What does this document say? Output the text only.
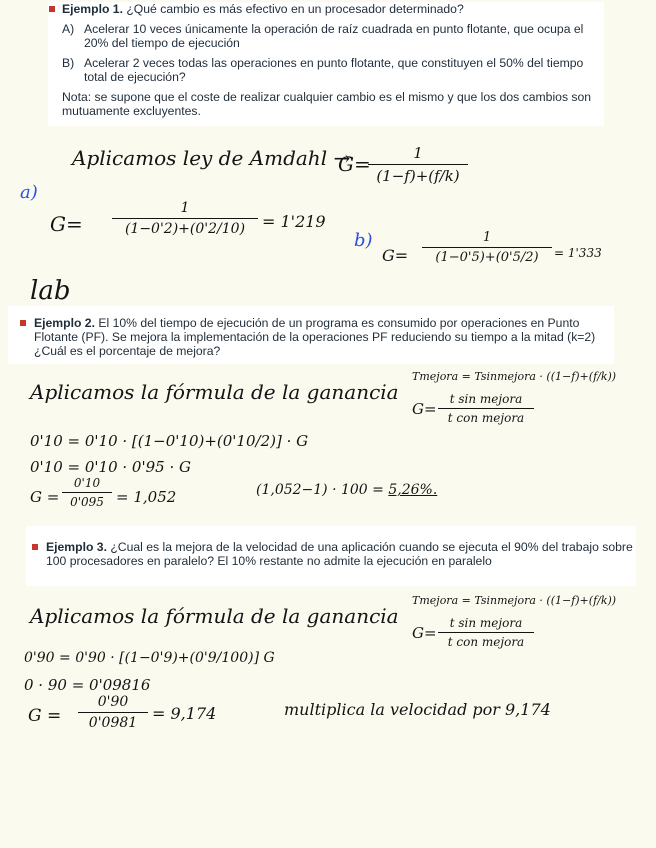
Ejemplo 1. ¿Qué cambio es más efectivo en un procesador determinado?
A) Acelerar 10 veces únicamente la operación de raíz cuadrada en punto flotante, que ocupa el 20% del tiempo de ejecución
B) Acelerar 2 veces todas las operaciones en punto flotante, que constituyen el 50% del tiempo total de ejecución?
Nota: se supone que el coste de realizar cualquier cambio es el mismo y que los dos cambios son mutuamente excluyentes.
Aplicamos ley de Amdahl →
G=
$\frac{1}{(1-f)+(f/k)}$
a)
$G= \frac{1}{(1-0'2)+(0'2/10)} = 1'219$
b)
$G= \frac{1}{(1-0'5)+(0'5/2)} = 1'333$
lab
Ejemplo 2. El 10% del tiempo de ejecución de un programa es consumido por operaciones en Punto Flotante (PF). Se mejora la implementación de la operaciones PF reduciendo su tiempo a la mitad (k=2) ¿Cuál es el porcentaje de mejora?
Aplicamos la fórmula de la ganancia
Tmejora = Tsinmejora · ((1−f)+(f/k))
G=
t sin mejora
t con mejora
0'10 = 0'10 · [(1−0'10)+(0'10/2)] · G
0'10 = 0'10 · 0'95 · G
$G = \frac{0'10}{0'095} = 1,052$	(1,052−1) · 100 = 5,26%.
Ejemplo 3. ¿Cual es la mejora de la velocidad de una aplicación cuando se ejecuta el 90% del trabajo sobre 100 procesadores en paralelo? El 10% restante no admite la ejecución en paralelo
Aplicamos la fórmula de la ganancia
Tmejora = Tsinmejora · ((1−f)+(f/k))
G=
t sin mejora
t con mejora
0'90 = 0'90 · [(1−0'9)+(0'9/100)] G
0 · 90 = 0'09816
$G = \frac{0'90}{0'0981} = 9,174$	multiplica la velocidad por 9,174
